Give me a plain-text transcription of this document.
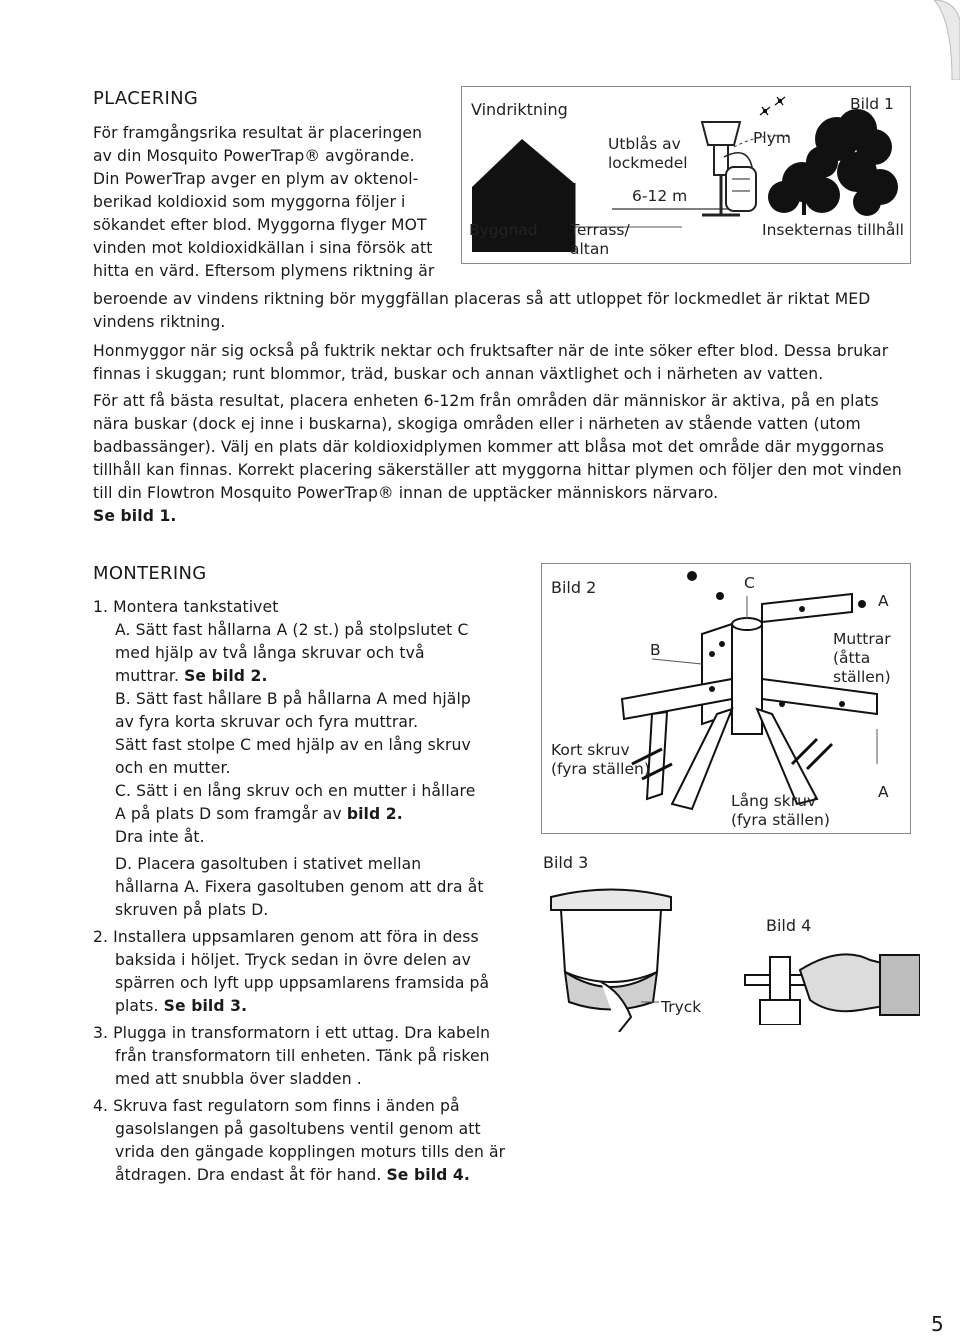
PLACERING
För framgångsrika resultat är placeringen
av din Mosquito PowerTrap® avgörande.
Din PowerTrap avger en plym av oktenol-
berikad koldioxid som myggorna följer i
sökandet efter blod. Myggorna flyger MOT
vinden mot koldioxidkällan i sina försök att
hitta en värd. Eftersom plymens riktning är

beroende av vindens riktning bör myggfällan placeras så att utloppet för lockmedlet är riktat MED vindens riktning.

Honmyggor när sig också på fuktrik nektar och fruktsafter när de inte söker efter blod. Dessa brukar finnas i skuggan; runt blommor, träd, buskar och annan växtlighet och i närheten av vatten.

För att få bästa resultat, placera enheten 6-12m från områden där människor är aktiva, på en plats nära buskar (dock ej inne i buskarna), skogiga områden eller i närheten av stående vatten (utom badbassänger). Välj en plats där koldioxidplymen kommer att blåsa mot det område där myggornas tillhåll kan finnas. Korrekt placering säkerställer att myggorna hittar plymen och följer den mot vinden till din Flowtron Mosquito PowerTrap® innan de upptäcker människors närvaro.

Se bild 1.

Vindriktning	Bild 1
Utblås av
lockmedel
Plym
6-12 m
Byggnad Terrass/
altan
Insekternas tillhåll
MONTERING
1. Montera tankstativet
A. Sätt fast hållarna A (2 st.) på stolpslutet C med hjälp av två långa skruvar och två muttrar. Se bild 2.
B. Sätt fast hållare B på hållarna A med hjälp av fyra korta skruvar och fyra muttrar.
Sätt fast stolpe C med hjälp av en lång skruv och en mutter.
C. Sätt i en lång skruv och en mutter i hållare A på plats D som framgår av bild 2.
Dra inte åt.
D. Placera gasoltuben i stativet mellan hållarna A. Fixera gasoltuben genom att dra åt skruven på plats D.
2. Installera uppsamlaren genom att föra in dess baksida i höljet. Tryck sedan in övre delen av spärren och lyft upp uppsamlarens framsida på plats. Se bild 3.
3. Plugga in transformatorn i ett uttag. Dra kabeln från transformatorn till enheten. Tänk på risken med att snubbla över sladden .
4. Skruva fast regulatorn som finns i änden på gasolslangen på gasoltubens ventil genom att vrida den gängade kopplingen moturs tills den är åtdragen. Dra endast åt för hand. Se bild 4.
Bild 2	C
A
B
Muttrar
(åtta
ställen)
Kort skruv
(fyra ställen)
Lång skruv
(fyra ställen)
A
Bild 3
Tryck
Bild 4
5
